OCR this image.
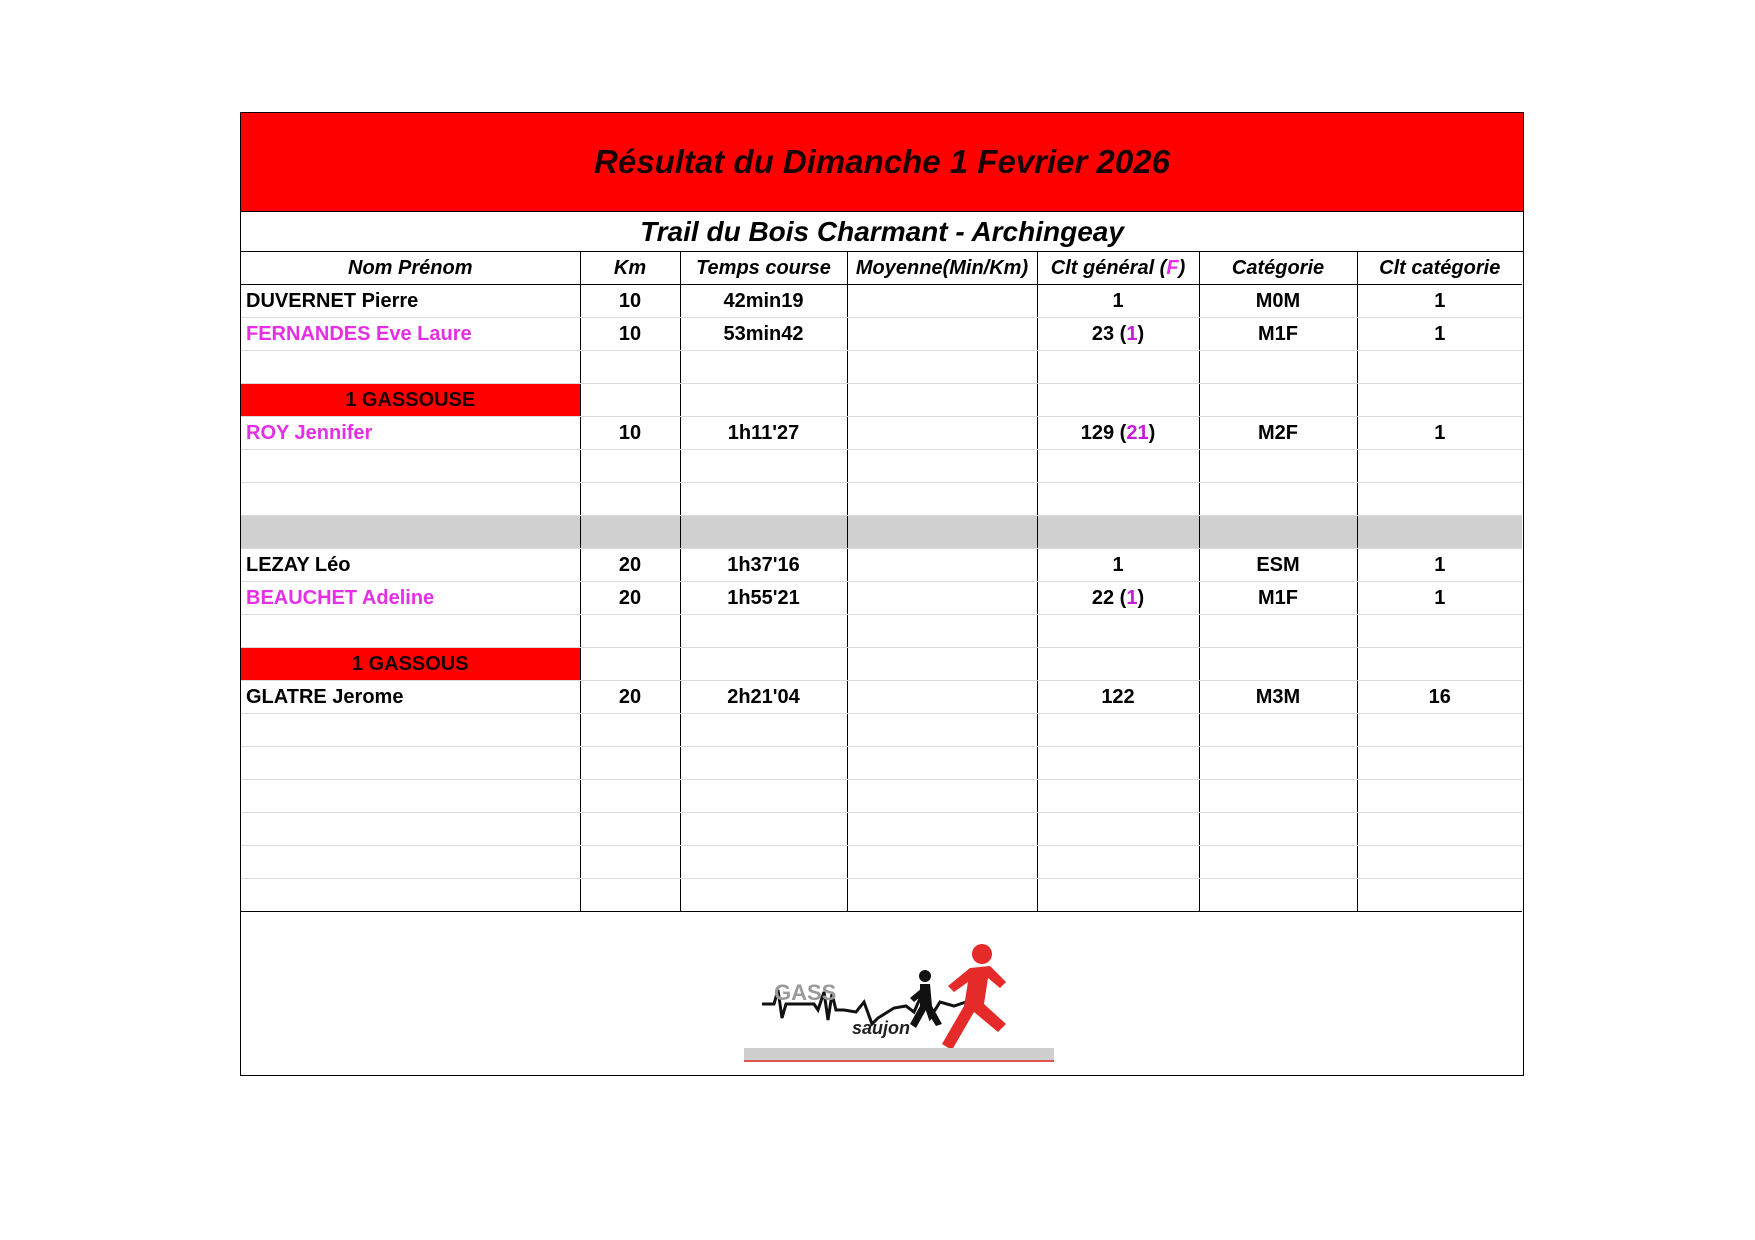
Résultat du Dimanche 1 Fevrier 2026
Trail du Bois Charmant - Archingeay
Nom Prénom	Km	Temps course	Moyenne(Min/Km)	Clt général (F)	Catégorie	Clt catégorie
DUVERNET Pierre	10	42min19		1	M0M	1
FERNANDES Eve Laure	10	53min42		23 (1)	M1F	1

1 GASSOUSE						
ROY Jennifer	10	1h11'27		129 (21)	M2F	1

LEZAY Léo	20	1h37'16		1	ESM	1
BEAUCHET Adeline	20	1h55'21		22 (1)	M1F	1

1 GASSOUS						
GLATRE Jerome	20	2h21'04		122	M3M	16

GASS
saujon
